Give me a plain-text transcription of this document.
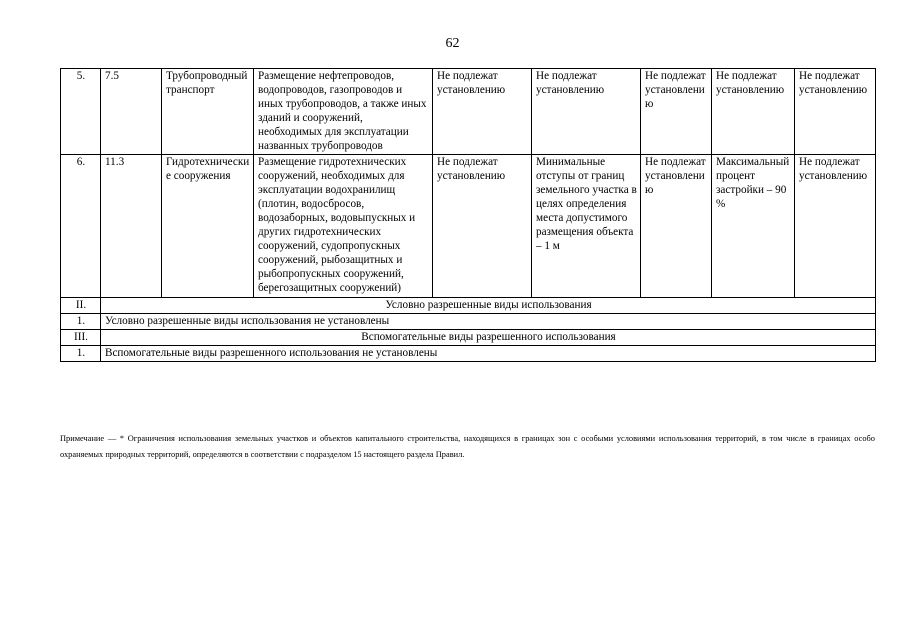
62
5.	7.5	Трубопроводный транспорт	Размещение нефтепроводов, водопроводов, газопроводов и иных трубопроводов, а также иных зданий и сооружений, необходимых для эксплуатации названных трубопроводов	Не подлежат установлению	Не подлежат установлению	Не подлежат установлению	Не подлежат установлению	Не подлежат установлению
6.	11.3	Гидротехнические сооружения	Размещение гидротехнических сооружений, необходимых для эксплуатации водохранилищ (плотин, водосбросов, водозаборных, водовыпускных и других гидротехнических сооружений, судопропускных сооружений, рыбозащитных и рыбопропускных сооружений, берегозащитных сооружений)	Не подлежат установлению	Минимальные отступы от границ земельного участка в целях определения места допустимого размещения объекта – 1 м	Не подлежат установлению	Максимальный процент застройки – 90 %	Не подлежат установлению
II.	Условно разрешенные виды использования							
1.	Условно разрешенные виды использования не установлены							
III.	Вспомогательные виды разрешенного использования							
1.	Вспомогательные виды разрешенного использования не установлены							
Примечание — * Ограничения использования земельных участков и объектов капитального строительства, находящихся в границах зон с особыми условиями использования территорий, в том числе в границах особо охраняемых природных территорий, определяются в соответствии с подразделом 15 настоящего раздела Правил.
